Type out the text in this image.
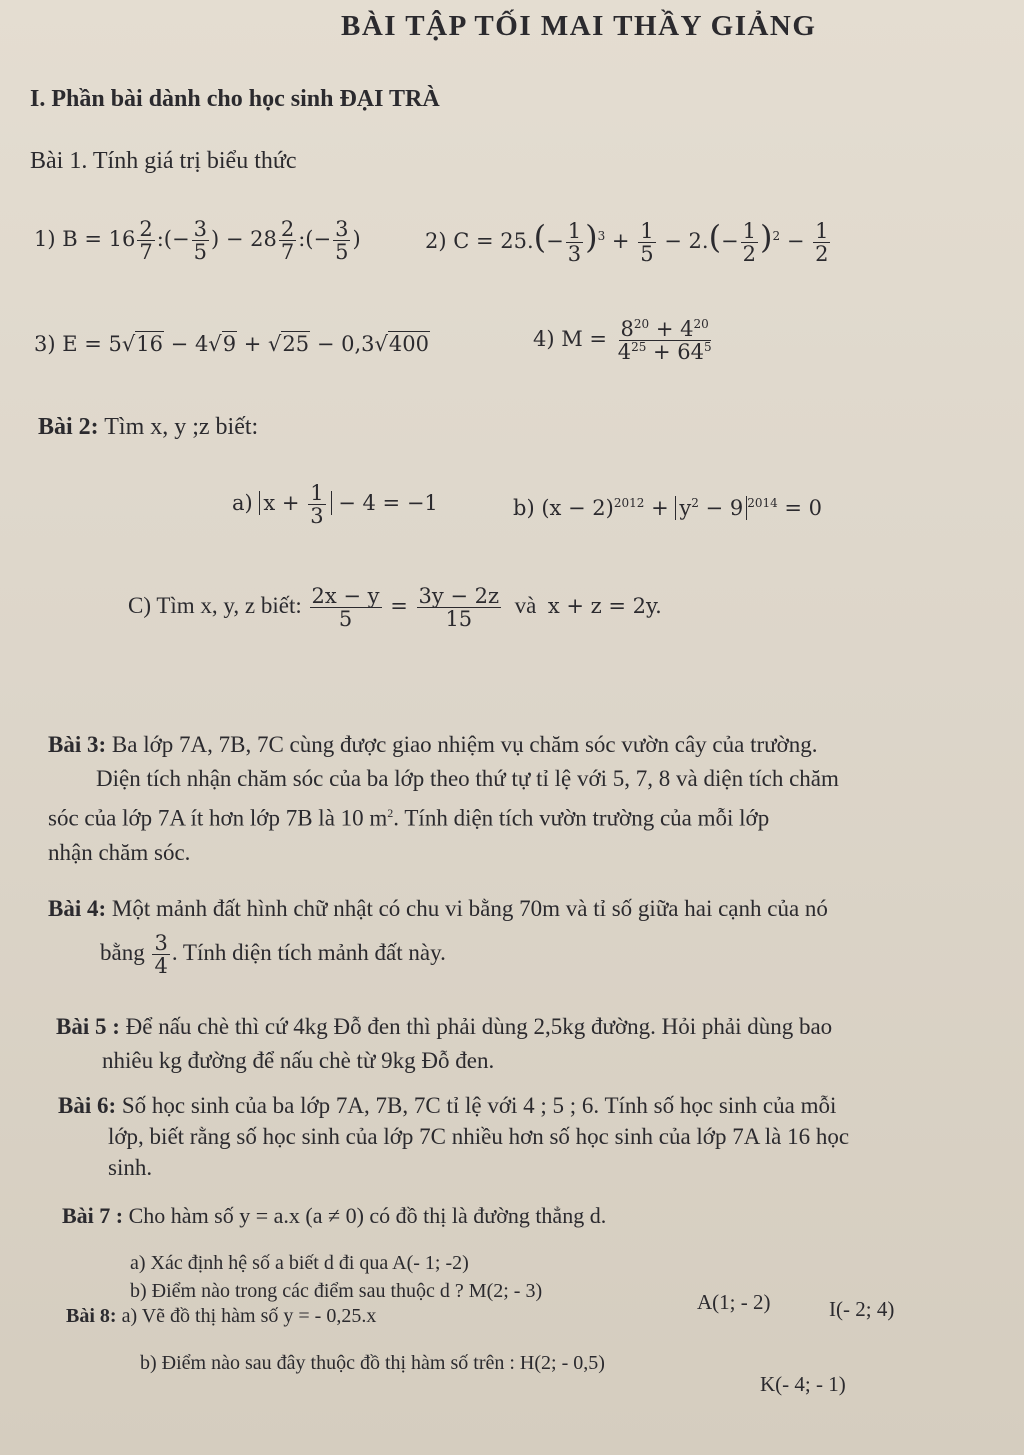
BÀI TẬP TỐI MAI THẦY GIẢNG
I. Phần bài dành cho học sinh ĐẠI TRÀ
Bài 1. Tính giá trị biểu thức
1) $B = 16 \frac{2}{7}$ :(− $\frac{3}{5}$ ) − $28 \frac{2}{7}$ :(− $\frac{3}{5}$ )	2) $C = 25.(- \frac{1}{3} )^3 + \frac{1}{5} - 2.(- \frac{1}{2} )^2 - \frac{1}{2}$
3) E = 5√16 − 4√9 + √25 − 0,3√400	4) $M = \frac{8^{20} + 4^{20}}{4^{25} + 64^5}$
Bài 2: Tìm x, y ;z biết:
a) $x + \frac{1}{3} - 4 = -1$	b) $(x - 2)^{2012} + y^2 - 9$ $^{2014}$ = 0
C) Tìm x, y, z biết: $\frac{2x - y}{5} = \frac{3y - 2z}{15}$ và x + z = 2y.
Bài 3: Ba lớp 7A, 7B, 7C cùng được giao nhiệm vụ chăm sóc vườn cây của trường.
Diện tích nhận chăm sóc của ba lớp theo thứ tự tỉ lệ với 5, 7, 8 và diện tích chăm
sóc của lớp 7A ít hơn lớp 7B là 10 $m^2$. Tính diện tích vườn trường của mỗi lớp
nhận chăm sóc.
Bài 4: Một mảnh đất hình chữ nhật có chu vi bằng 70m và tỉ số giữa hai cạnh của nó
bằng $\frac{3}{4}$ . Tính diện tích mảnh đất này.
Bài 5 : Để nấu chè thì cứ 4kg Đỗ đen thì phải dùng 2,5kg đường. Hỏi phải dùng bao
nhiêu kg đường để nấu chè từ 9kg Đỗ đen.
Bài 6: Số học sinh của ba lớp 7A, 7B, 7C tỉ lệ với 4 ; 5 ; 6. Tính số học sinh của mỗi
lớp, biết rằng số học sinh của lớp 7C nhiều hơn số học sinh của lớp 7A là 16 học
sinh.
Bài 7 : Cho hàm số y = a.x (a ≠ 0) có đồ thị là đường thẳng d.
a) Xác định hệ số a biết d đi qua A(- 1; -2)
b) Điểm nào trong các điểm sau thuộc d ? M(2; - 3)	A(1; - 2)	I(- 2; 4)
Bài 8: a) Vẽ đồ thị hàm số y = - 0,25.x
b) Điểm nào sau đây thuộc đồ thị hàm số trên : H(2; - 0,5)
K(- 4; - 1)
